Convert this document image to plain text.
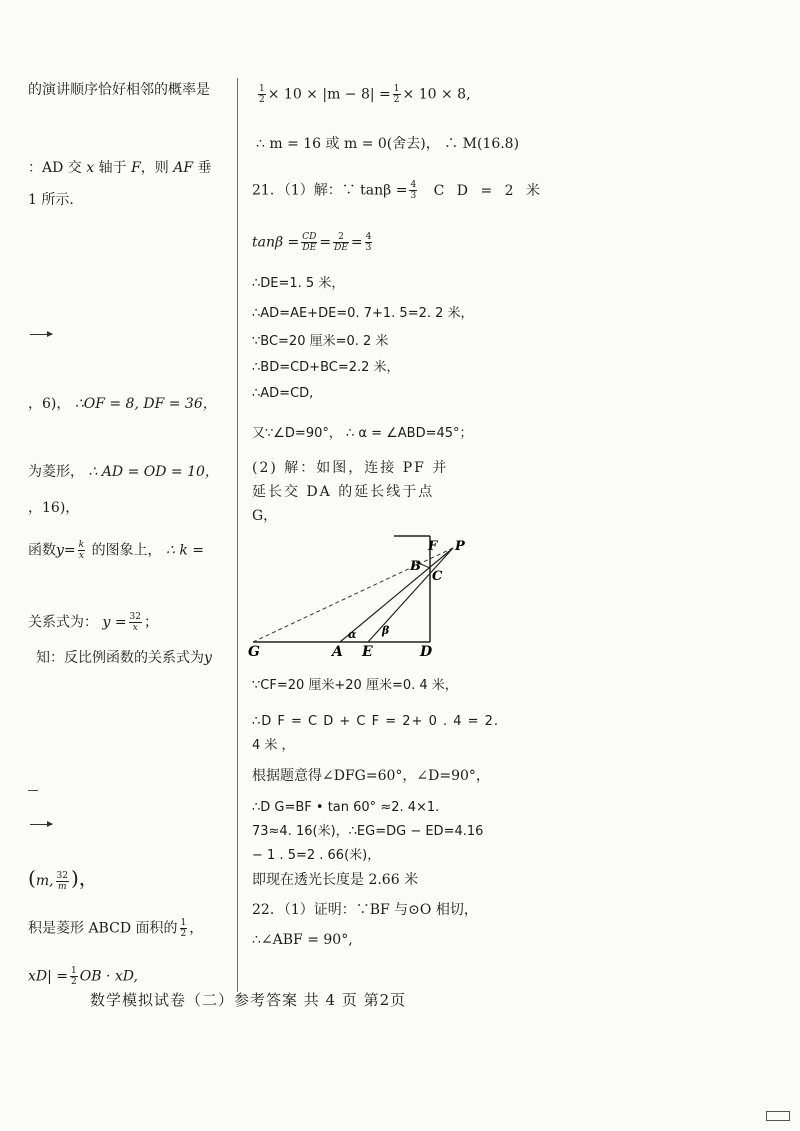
的演讲顺序恰好相邻的概率是
：AD 交 x 轴于 F，则 AF 垂
1 所示.
，6)， ∴OF = 8, DF = 36，
为菱形， ∴ AD = OD = 10，
，16)，
函数$y= \frac{k}{x}$ 的图象上， ∴ k =
关系式为： $y = \frac{32}{x}$ ；
知：反比例函数的关系式为y
(m, $\frac{32}{m}$ )，
积是菱形 ABCD 面积的 $\frac{1}{2}$ ，
$xD| = \frac{1}{2}$ OB · xD,
$\frac{1}{2} \times 10 \times |m - 8| = \frac{1}{2} \times 10 \times 8$,
∴ m = 16 或 m = 0(舍去)， ∴ M(16.8)
21．（1）解：∵ $\tan\beta = \frac{4}{3}$ C D = 2 米
$\tan\beta = \frac{CD}{DE} = \frac{2}{DE} = \frac{4}{3}$
∴DE=1. 5 米，
∴AD=AE+DE=0. 7+1. 5=2. 2 米，
∵BC=20 厘米=0. 2 米
∴BD=CD+BC=2.2 米，
∴AD=CD,
又∵∠D=90°， ∴ α = ∠ABD=45°；
(2) 解：如图，连接 PF 并
延长交 DA 的延长线于点
G，
G	A E	D
F P
B
C
α β
∵CF=20 厘米+20 厘米=0. 4 米，
∴D F = C D + C F = 2+ 0 . 4 = 2.
4 米 ，
根据题意得∠DFG=60°，∠D=90°，
∴D G=BF • tan 60° ≈2. 4×1.
73≈4. 16(米)，∴EG=DG − ED=4.16
− 1 . 5=2 . 66(米)，
即现在透光长度是 2.66 米
22．（1）证明：∵BF 与⊙O 相切，
∴∠ABF = 90°,
数学模拟试卷（二）参考答案 共 4 页 第2页
